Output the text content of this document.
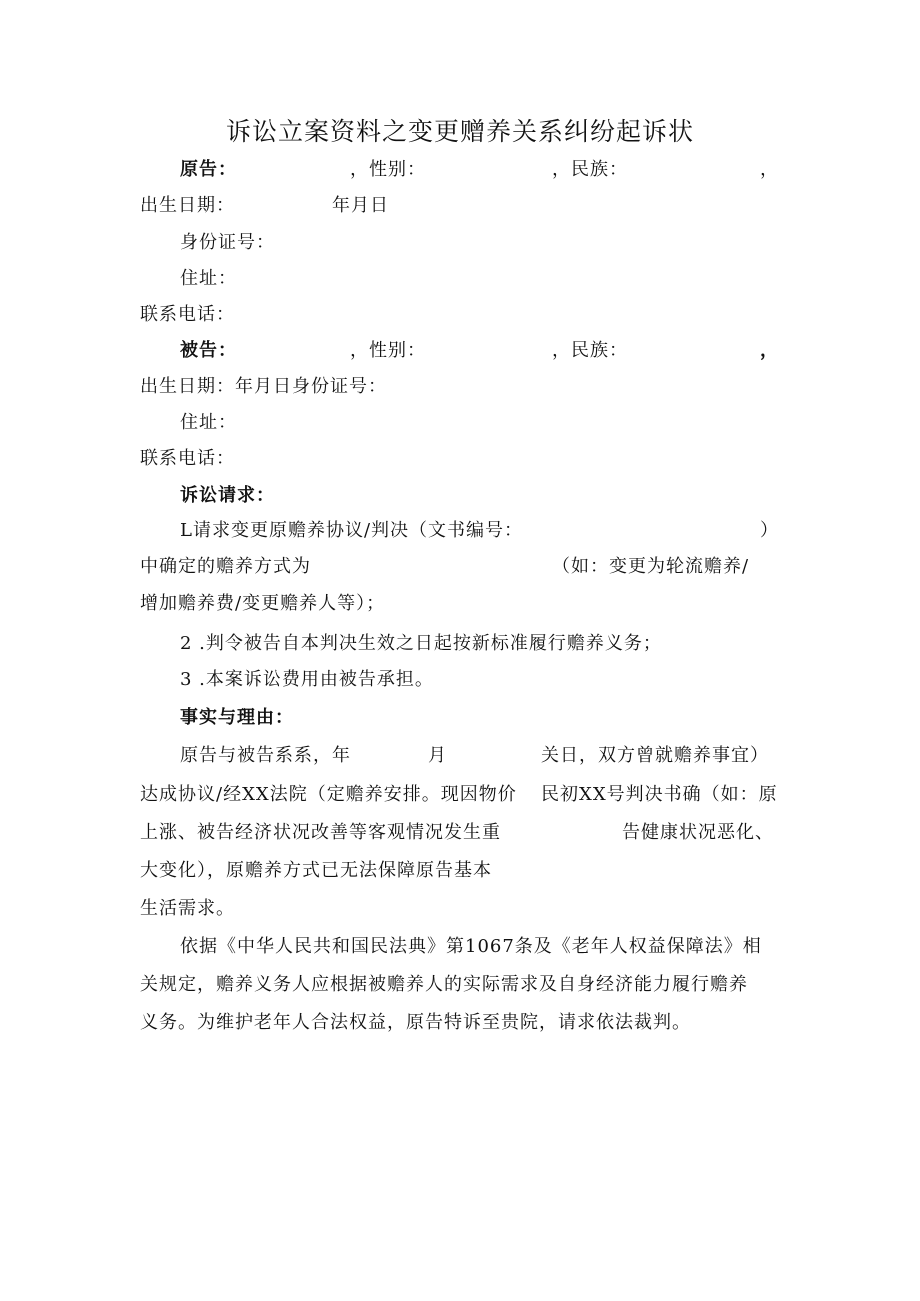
诉讼立案资料之变更赠养关系纠纷起诉状
原告：	，性别：	，民族：	，
出生日期：	年月日
身份证号：
住址：
联系电话：
被告：	，性别：	，民族：	，
出生日期：年月日身份证号：
住址：
联系电话：
诉讼请求：
L请求变更原赡养协议/判决（文书编号：	）
中确定的赡养方式为	（如：变更为轮流赡养/
增加赡养费/变更赡养人等）；
2 .判令被告自本判决生效之日起按新标准履行赡养义务；
3 .本案诉讼费用由被告承担。
事实与理由：
原告与被告系系，年	月	关日，双方曾就赡养事宜）
达成协议/经XX法院（定赡养安排。现因物价 民初XX号判决书确（如：原
上涨、被告经济状况改善等客观情况发生重	告健康状况恶化、
大变化），原赡养方式已无法保障原告基本
生活需求。
依据《中华人民共和国民法典》第1067条及《老年人权益保障法》相
关规定，赡养义务人应根据被赡养人的实际需求及自身经济能力履行赡养
义务。为维护老年人合法权益，原告特诉至贵院，请求依法裁判。
